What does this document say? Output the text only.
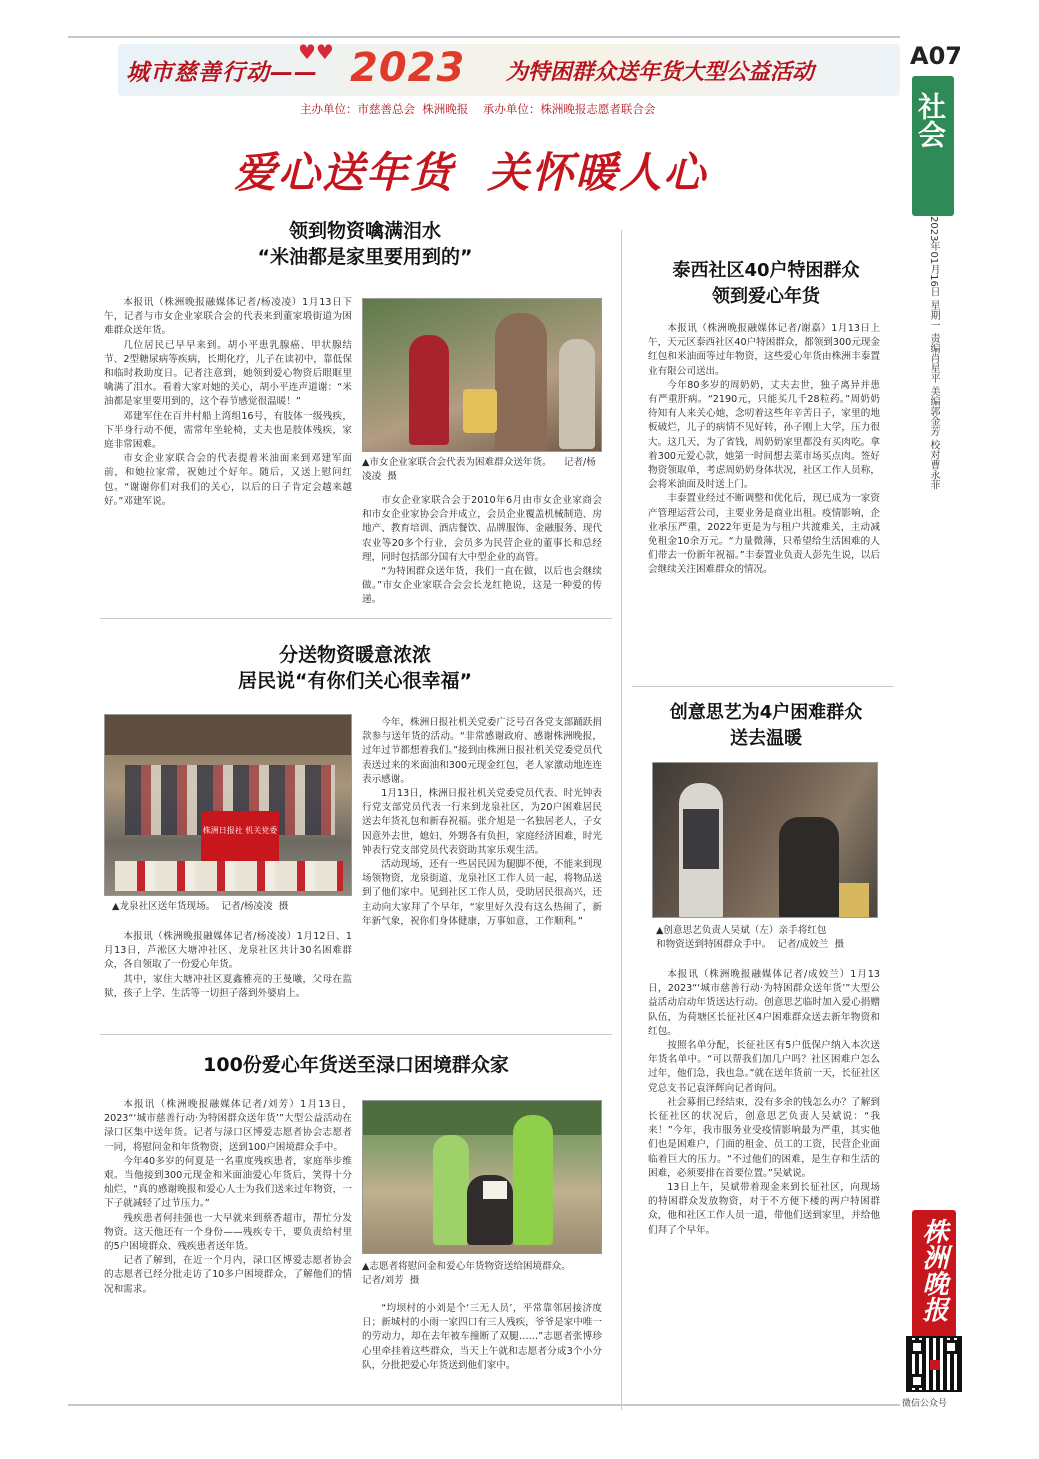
城市慈善行动——
♥♥ 2023 为特困群众送年货大型公益活动
主办单位：市慈善总会  株洲晚报    承办单位：株洲晚报志愿者联合会
A07
社会
2023年01月16日 星期一 责编肖星平 美编郭金芳 校对曹永菲
爱心送年货  关怀暖人心
领到物资噙满泪水
“米油都是家里要用到的”

本报讯（株洲晚报融媒体记者/杨凌凌）1月13日下午，记者与市女企业家联合会的代表来到董家塅街道为困难群众送年货。

几位居民已早早来到。胡小平患乳腺癌、甲状腺结节、2型糖尿病等疾病，长期化疗，儿子在读初中，靠低保和临时救助度日。记者注意到，她领到爱心物资后眼眶里噙满了泪水。看着大家对她的关心，胡小平连声道谢：“米油都是家里要用到的，这个春节感觉很温暖！”

邓建军住在百井村船上湾组16号，有肢体一级残疾，下半身行动不便，需常年坐轮椅，丈夫也是肢体残疾，家庭非常困难。

市女企业家联合会的代表提着米油面来到邓建军面前，和她拉家常，祝她过个好年。随后，又送上慰问红包。“谢谢你们对我们的关心，以后的日子肯定会越来越好。”邓建军说。

▲市女企业家联合会代表为困难群众送年货。    记者/杨凌凌  摄

市女企业家联合会于2010年6月由市女企业家商会和市女企业家协会合并成立，会员企业覆盖机械制造、房地产、教育培训、酒店餐饮、品牌服饰、金融服务、现代农业等20多个行业，会员多为民营企业的董事长和总经理，同时包括部分国有大中型企业的高管。

“为特困群众送年货，我们一直在做，以后也会继续做。”市女企业家联合会会长龙红艳说，这是一种爱的传递。

泰西社区40户特困群众
领到爱心年货

本报讯（株洲晚报融媒体记者/谢嘉）1月13日上午，天元区泰西社区40户特困群众，都领到300元现金红包和米油面等过年物资，这些爱心年货由株洲丰泰置业有限公司送出。

今年80多岁的周奶奶，丈夫去世，独子离异并患有严重肝病。“2190元，只能买几千28粒药。”周奶奶待知有人来关心她，念叨着这些年辛苦日子，家里的地板破烂，儿子的病情不见好转，孙子刚上大学，压力很大。这几天，为了省钱，周奶奶家里都没有买肉吃。拿着300元爱心款，她第一时间想去菜市场买点肉。签好物资领取单，考虑周奶奶身体状况，社区工作人员称，会将米油面及时送上门。

丰泰置业经过不断调整和优化后，现已成为一家资产管理运营公司，主要业务是商业出租。疫情影响，企业承压严重，2022年更是为与租户共渡难关，主动减免租金10余万元。“力量微薄，只希望给生活困难的人们带去一份新年祝福。”丰泰置业负责人彭先生说，以后会继续关注困难群众的情况。

分送物资暖意浓浓
居民说“有你们关心很幸福”
株洲日报社 机关党委
▲龙泉社区送年货现场。  记者/杨凌凌  摄

本报讯（株洲晚报融媒体记者/杨凌凌）1月12日、1月13日，芦淞区大塘冲社区、龙泉社区共计30名困难群众，各自领取了一份爱心年货。

其中，家住大塘冲社区夏鑫雅亮的王曼曦，父母在监狱，孩子上学、生活等一切担子落到外婆肩上。

今年，株洲日报社机关党委广泛号召各党支部踊跃捐款参与送年货的活动。“非常感谢政府、感谢株洲晚报，过年过节都想着我们。”接到由株洲日报社机关党委党员代表送过来的米面油和300元现金红包，老人家激动地连连表示感谢。

1月13日，株洲日报社机关党委党员代表、时光钟表行党支部党员代表一行来到龙泉社区，为20户困难居民送去年货礼包和新春祝福。张介旭是一名独居老人，子女因意外去世，媳妇、外甥各有负担，家庭经济困难，时光钟表行党支部党员代表资助其家乐观生活。

活动现场，还有一些居民因为腿脚不便，不能来到现场领物资，龙泉街道、龙泉社区工作人员一起，将物品送到了他们家中。见到社区工作人员，受助居民很高兴，还主动向大家拜了个早年，“家里好久没有这么热闹了，新年新气象，祝你们身体健康，万事如意，工作顺利。”

创意思艺为4户困难群众
送去温暖
▲创意思艺负责人吴斌（左）亲手将红包
和物资送到特困群众手中。  记者/成姣兰  摄

本报讯（株洲晚报融媒体记者/成姣兰）1月13日，2023“‘城市慈善行动·为特困群众送年货’”大型公益活动启动年货送达行动。创意思艺临时加入爱心捐赠队伍，为荷塘区长征社区4户困难群众送去新年物资和红包。

按照名单分配，长征社区有5户低保户纳入本次送年货名单中。“可以帮我们加几户吗？社区困难户怎么过年，他们急，我也急。”就在送年货前一天，长征社区党总支书记袁泽辉向记者询问。

社会募捐已经结束，没有多余的钱怎么办？了解到长征社区的状况后，创意思艺负责人吴斌说：“我来！”今年，我市服务业受疫情影响最为严重，其实他们也是困难户，门面的租金、员工的工资，民营企业面临着巨大的压力。“不过他们的困难，是生存和生活的困难，必须要排在首要位置。”吴斌说。

13日上午，吴斌带着现金来到长征社区，向现场的特困群众发放物资，对于不方便下楼的两户特困群众，他和社区工作人员一道，带他们送到家里，并给他们拜了个早年。

100份爱心年货送至渌口困境群众家

本报讯（株洲晚报融媒体记者/刘芳）1月13日，2023“‘城市慈善行动·为特困群众送年货’”大型公益活动在渌口区集中送年货。记者与渌口区博爱志愿者协会志愿者一同，将慰问金和年货物资，送到100户困境群众手中。

今年40多岁的何夏是一名重度残疾患者，家庭举步维艰。当他接到300元现金和米面油爱心年货后，笑得十分灿烂，“真的感谢晚报和爱心人士为我们送来过年物资，一下子就减轻了过节压力。”

残疾患者何挂强也一大早就来到蔡香超市，帮忙分发物资。这天他还有一个身份——残疾专干，要负责给村里的5户困境群众、残疾患者送年货。

记者了解到，在近一个月内，渌口区博爱志愿者协会的志愿者已经分批走访了10多户困境群众，了解他们的情况和需求。

▲志愿者将慰问金和爱心年货物资送给困境群众。        记者/刘芳  摄

“均坝村的小刘是个‘三无人员’，平常靠邻居接济度日；新城村的小雨一家四口有三人残疾，爷爷是家中唯一的劳动力，却在去年被车撞断了双腿……”志愿者张博珍心里牵挂着这些群众，当天上午就和志愿者分成3个小分队，分批把爱心年货送到他们家中。

株洲晚报
微信公众号
